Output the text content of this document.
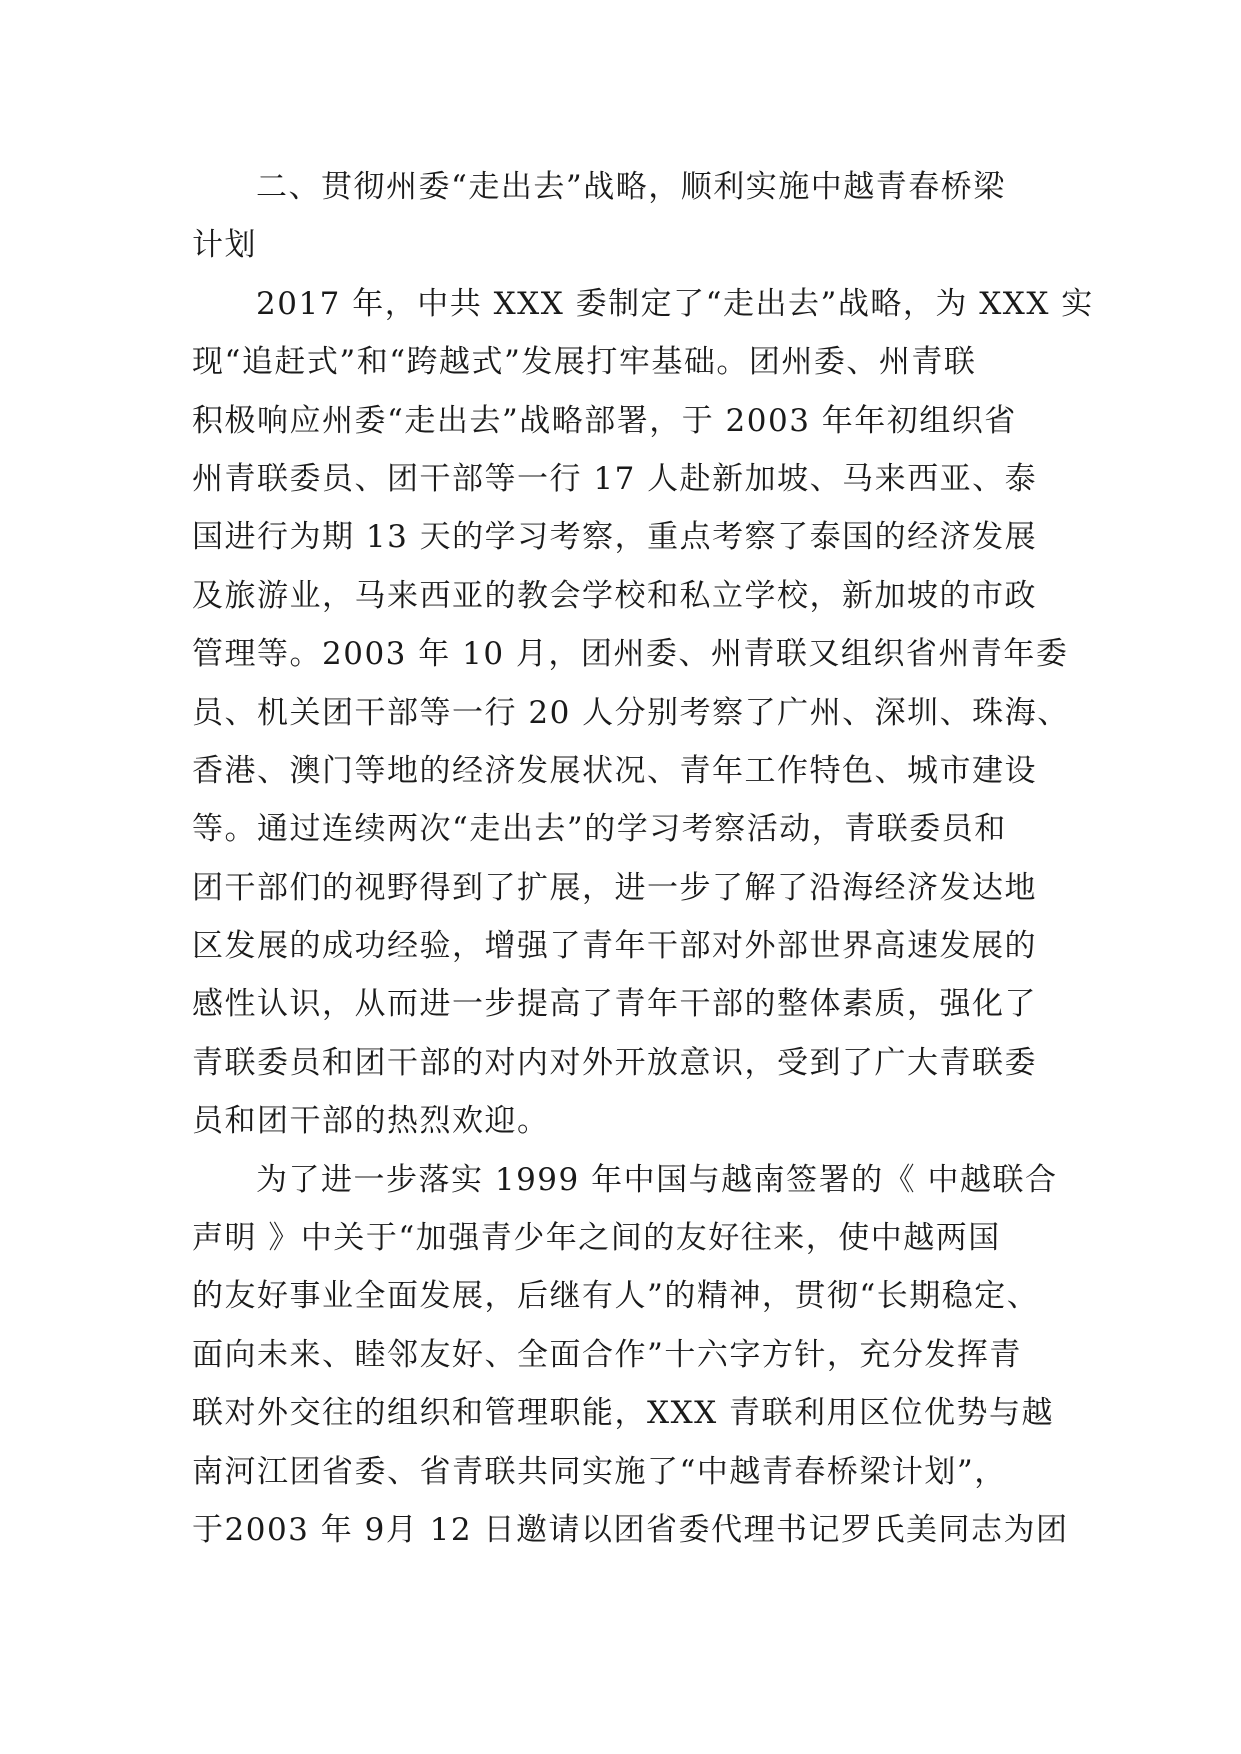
二、贯彻州委“走出去”战略，顺利实施中越青春桥梁
计划
2017 年，中共 XXX 委制定了“走出去”战略，为 XXX 实
现“追赶式”和“跨越式”发展打牢基础。团州委、州青联
积极响应州委“走出去”战略部署，于 2003 年年初组织省
州青联委员、团干部等一行 17 人赴新加坡、马来西亚、泰
国进行为期 13 天的学习考察，重点考察了泰国的经济发展
及旅游业，马来西亚的教会学校和私立学校，新加坡的市政
管理等。2003 年 10 月，团州委、州青联又组织省州青年委
员、机关团干部等一行 20 人分别考察了广州、深圳、珠海、
香港、澳门等地的经济发展状况、青年工作特色、城市建设
等。通过连续两次“走出去”的学习考察活动，青联委员和
团干部们的视野得到了扩展，进一步了解了沿海经济发达地
区发展的成功经验，增强了青年干部对外部世界高速发展的
感性认识，从而进一步提高了青年干部的整体素质，强化了
青联委员和团干部的对内对外开放意识，受到了广大青联委
员和团干部的热烈欢迎。
为了进一步落实 1999 年中国与越南签署的《 中越联合
声明 》中关于“加强青少年之间的友好往来，使中越两国
的友好事业全面发展，后继有人”的精神，贯彻“长期稳定、
面向未来、睦邻友好、全面合作”十六字方针，充分发挥青
联对外交往的组织和管理职能，XXX 青联利用区位优势与越
南河江团省委、省青联共同实施了“中越青春桥梁计划”，
于2003 年 9月 12 日邀请以团省委代理书记罗氏美同志为团
